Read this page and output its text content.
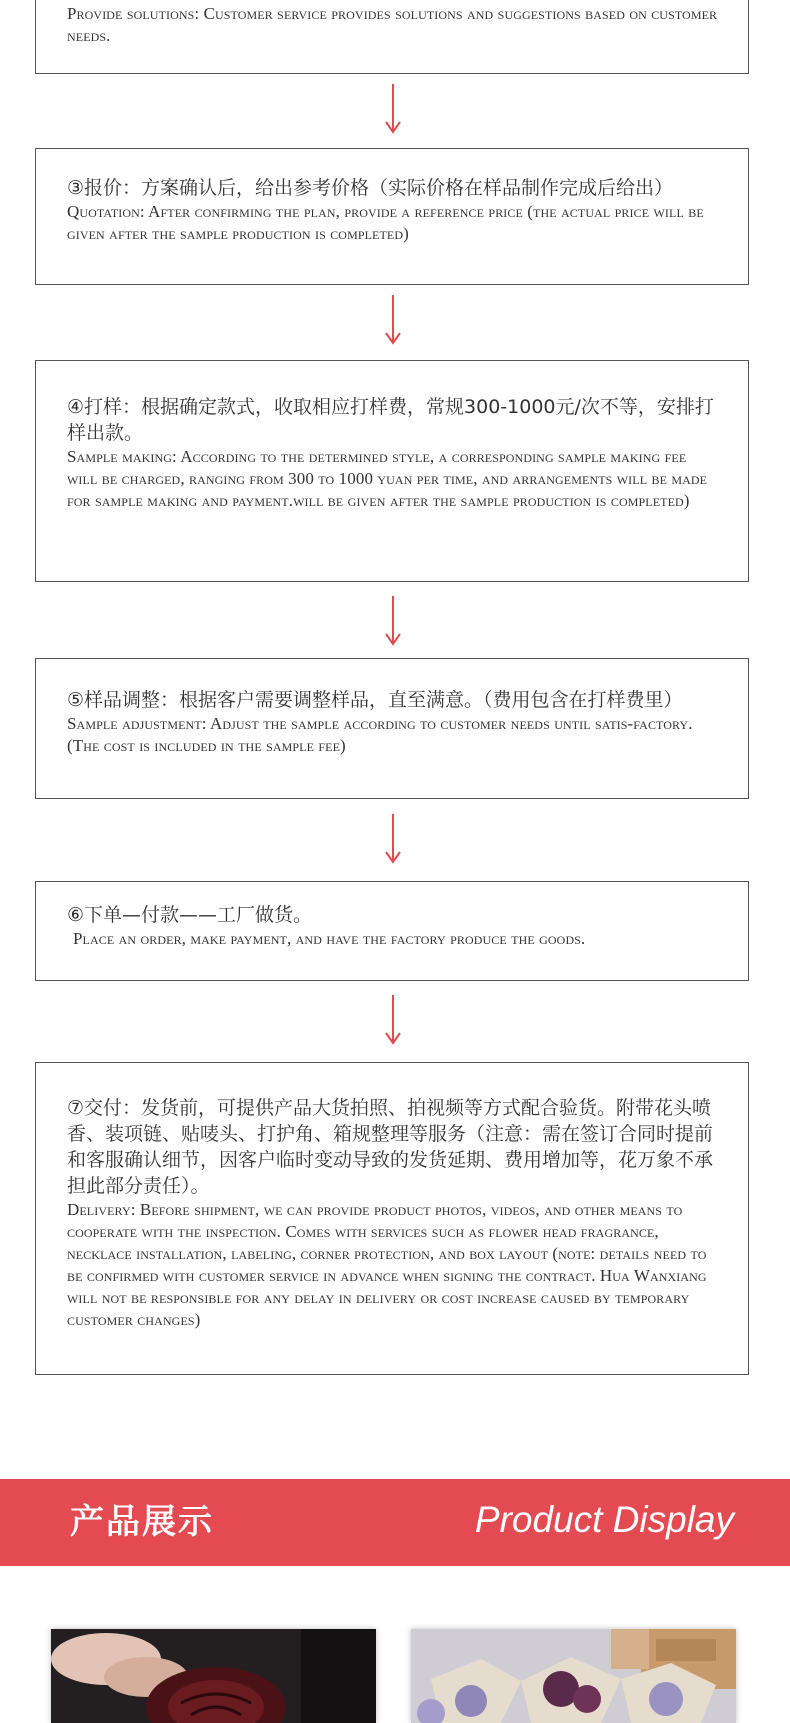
Provide solutions: Customer service provides solutions and suggestions based on customer needs.

③报价：方案确认后，给出参考价格（实际价格在样品制作完成后给出）

Quotation: After confirming the plan, provide a reference price (the actual price will be given after the sample production is completed)

④打样：根据确定款式，收取相应打样费，常规300-1000元/次不等，安排打样出款。

Sample making: According to the determined style, a corresponding sample making fee will be charged, ranging from 300 to 1000 yuan per time, and arrangements will be made for sample making and payment.will be given after the sample production is completed)

⑤样品调整：根据客户需要调整样品，直至满意。（费用包含在打样费里）

Sample adjustment: Adjust the sample according to customer needs until satis-factory. (The cost is included in the sample fee)

⑥下单—付款——工厂做货。

Place an order, make payment, and have the factory produce the goods.

⑦交付：发货前，可提供产品大货拍照、拍视频等方式配合验货。附带花头喷香、装项链、贴唛头、打护角、箱规整理等服务（注意：需在签订合同时提前和客服确认细节，因客户临时变动导致的发货延期、费用增加等，花万象不承担此部分责任）。

Delivery: Before shipment, we can provide product photos, videos, and other means to cooperate with the inspection. Comes with services such as flower head fragrance, necklace installation, labeling, corner protection, and box layout (note: details need to be confirmed with customer service in advance when signing the contract. Hua Wanxiang will not be responsible for any delay in delivery or cost increase caused by temporary customer changes)

产品展示	Product Display
